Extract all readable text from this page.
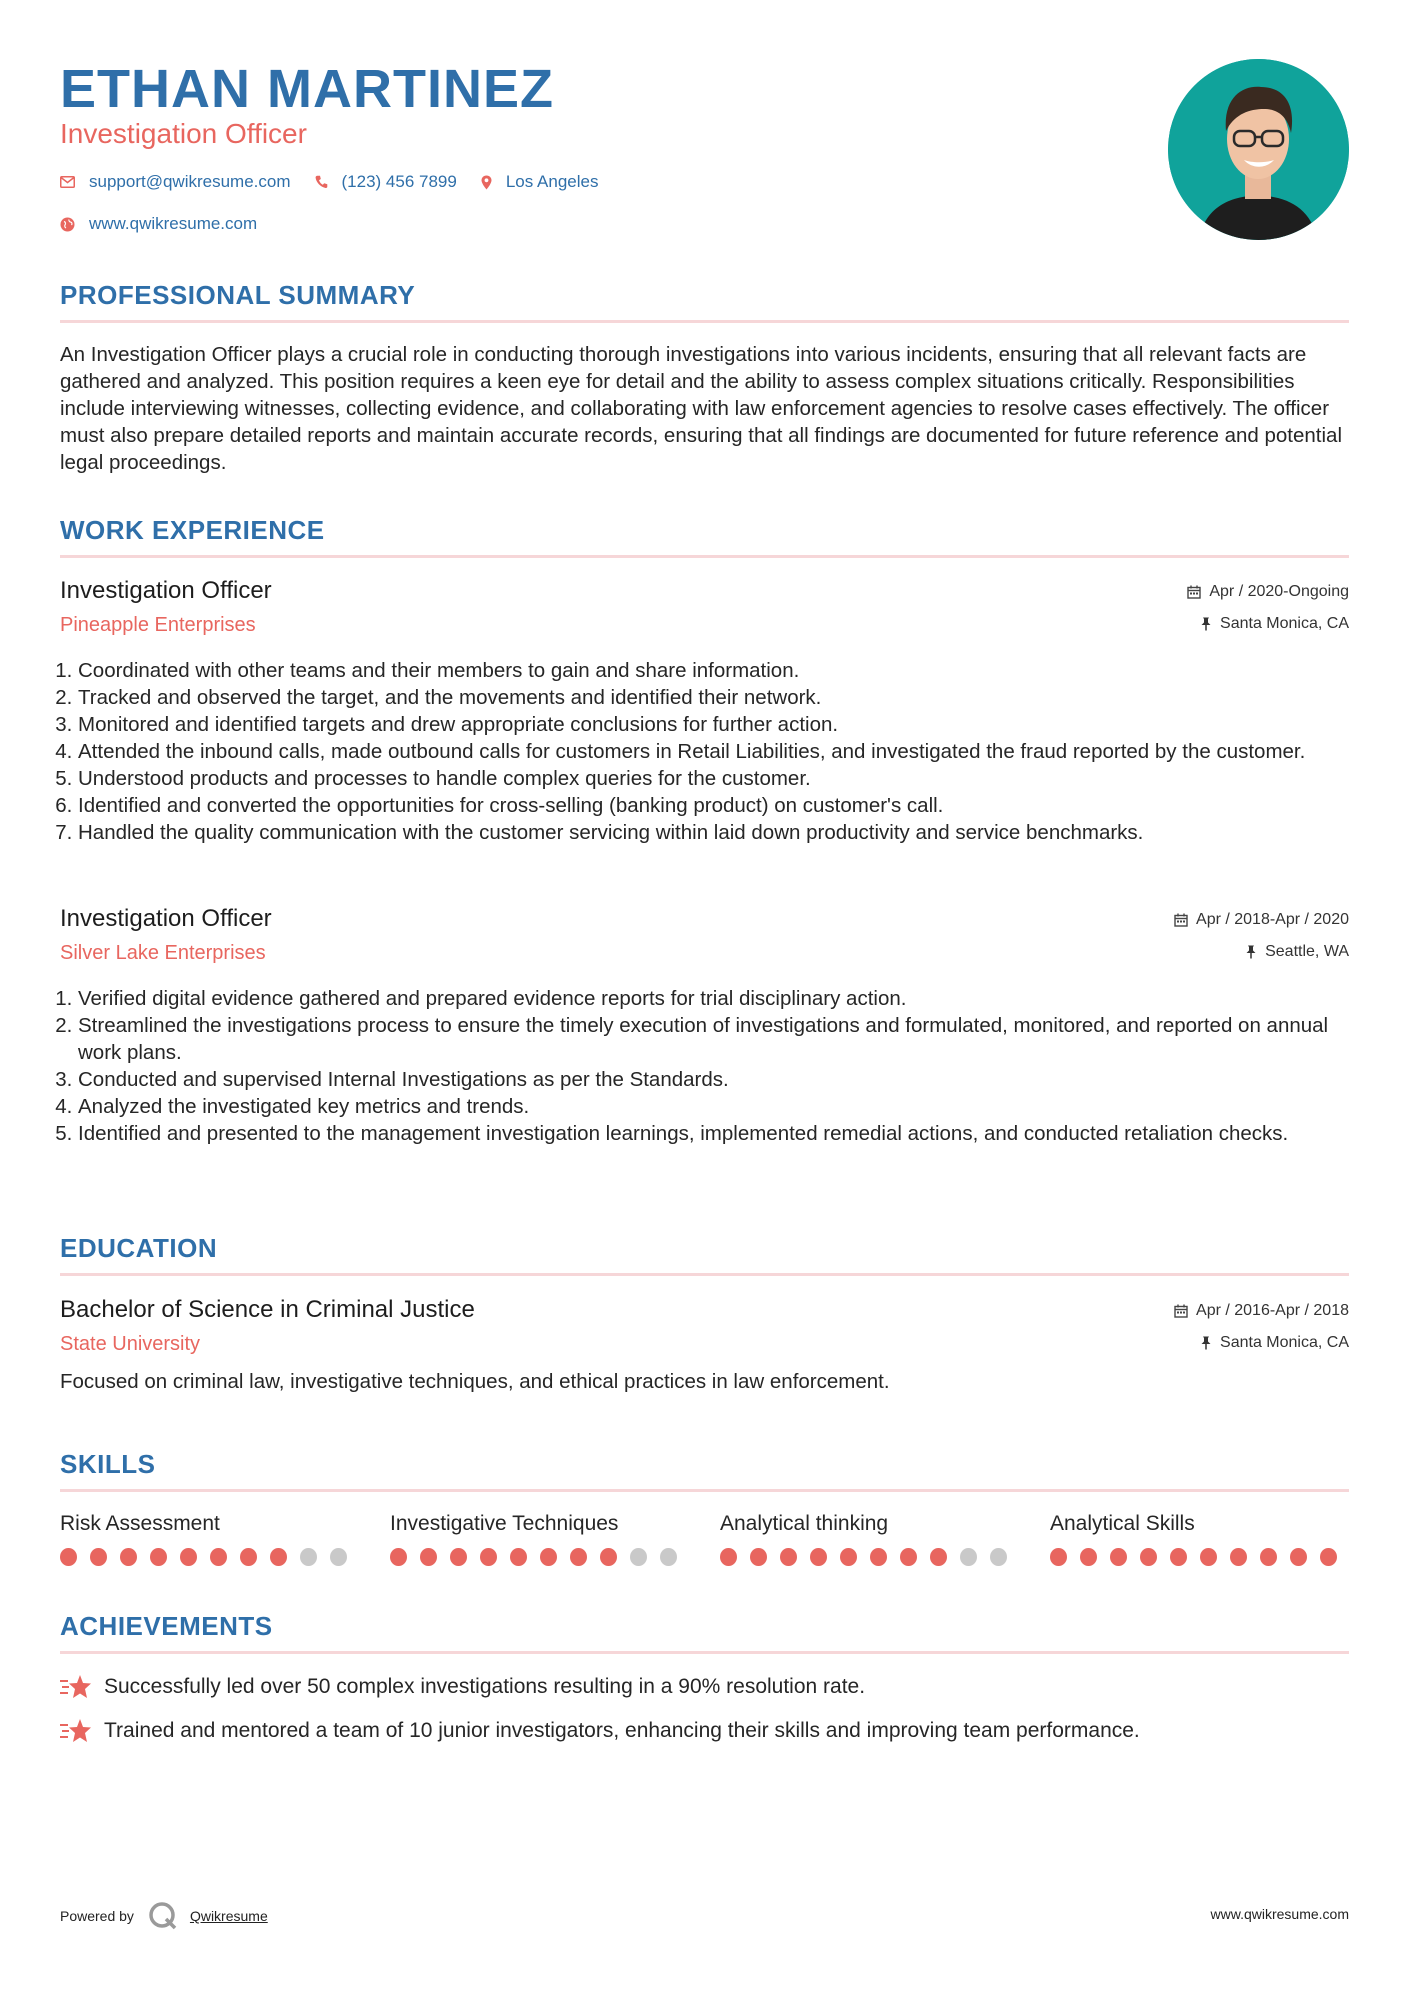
ETHAN MARTINEZ
Investigation Officer
support@qwikresume.com	(123) 456 7899	Los Angeles
www.qwikresume.com
PROFESSIONAL SUMMARY
An Investigation Officer plays a crucial role in conducting thorough investigations into various incidents, ensuring that all relevant facts are gathered and analyzed. This position requires a keen eye for detail and the ability to assess complex situations critically. Responsibilities include interviewing witnesses, collecting evidence, and collaborating with law enforcement agencies to resolve cases effectively. The officer must also prepare detailed reports and maintain accurate records, ensuring that all findings are documented for future reference and potential legal proceedings.
WORK EXPERIENCE
Investigation Officer
Pineapple Enterprises
Apr / 2020-Ongoing
Santa Monica, CA
1. Coordinated with other teams and their members to gain and share information.
2. Tracked and observed the target, and the movements and identified their network.
3. Monitored and identified targets and drew appropriate conclusions for further action.
4. Attended the inbound calls, made outbound calls for customers in Retail Liabilities, and investigated the fraud reported by the customer.
5. Understood products and processes to handle complex queries for the customer.
6. Identified and converted the opportunities for cross-selling (banking product) on customer's call.
7. Handled the quality communication with the customer servicing within laid down productivity and service benchmarks.
Investigation Officer
Silver Lake Enterprises
Apr / 2018-Apr / 2020
Seattle, WA
1. Verified digital evidence gathered and prepared evidence reports for trial disciplinary action.
2. Streamlined the investigations process to ensure the timely execution of investigations and formulated, monitored, and reported on annual work plans.
3. Conducted and supervised Internal Investigations as per the Standards.
4. Analyzed the investigated key metrics and trends.
5. Identified and presented to the management investigation learnings, implemented remedial actions, and conducted retaliation checks.
EDUCATION
Bachelor of Science in Criminal Justice
State University
Apr / 2016-Apr / 2018
Santa Monica, CA
Focused on criminal law, investigative techniques, and ethical practices in law enforcement.
SKILLS
Risk Assessment	Investigative Techniques	Analytical thinking	Analytical Skills
ACHIEVEMENTS
Successfully led over 50 complex investigations resulting in a 90% resolution rate.
Trained and mentored a team of 10 junior investigators, enhancing their skills and improving team performance.
Powered by	Qwikresume	www.qwikresume.com
